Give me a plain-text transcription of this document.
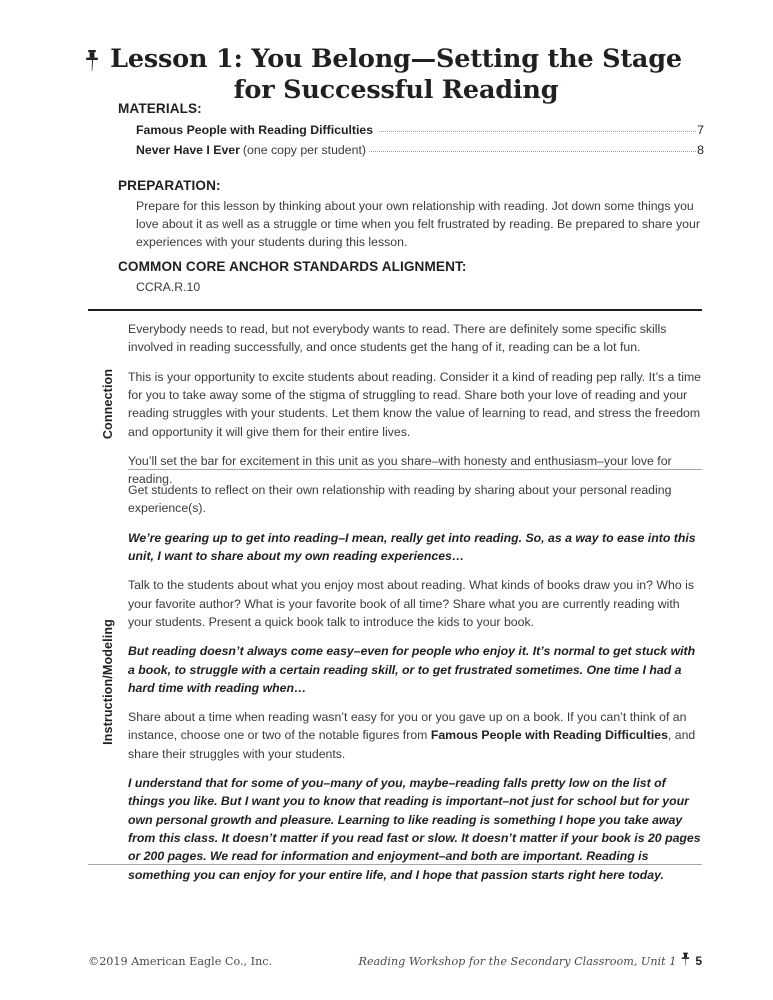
Lesson 1: You Belong—Setting the Stage for Successful Reading
MATERIALS:
Famous People with Reading Difficulties	7
Never Have I Ever (one copy per student)	8
PREPARATION:
Prepare for this lesson by thinking about your own relationship with reading. Jot down some things you love about it as well as a struggle or time when you felt frustrated by reading. Be prepared to share your experiences with your students during this lesson.
COMMON CORE ANCHOR STANDARDS ALIGNMENT:
CCRA.R.10
Connection

Everybody needs to read, but not everybody wants to read. There are definitely some specific skills involved in reading successfully, and once students get the hang of it, reading can be a lot fun.

This is your opportunity to excite students about reading. Consider it a kind of reading pep rally. It’s a time for you to take away some of the stigma of struggling to read. Share both your love of reading and your reading struggles with your students. Let them know the value of learning to read, and stress the freedom and opportunity it will give them for their entire lives.

You’ll set the bar for excitement in this unit as you share–with honesty and enthusiasm–your love for reading.

Instruction/Modeling

Get students to reflect on their own relationship with reading by sharing about your personal reading experience(s).

We’re gearing up to get into reading–I mean, really get into reading. So, as a way to ease into this unit, I want to share about my own reading experiences…

Talk to the students about what you enjoy most about reading. What kinds of books draw you in? Who is your favorite author? What is your favorite book of all time? Share what you are currently reading with your students. Present a quick book talk to introduce the kids to your book.

But reading doesn’t always come easy–even for people who enjoy it. It’s normal to get stuck with a book, to struggle with a certain reading skill, or to get frustrated sometimes. One time I had a hard time with reading when…

Share about a time when reading wasn’t easy for you or you gave up on a book. If you can’t think of an instance, choose one or two of the notable figures from Famous People with Reading Difficulties, and share their struggles with your students.

I understand that for some of you–many of you, maybe–reading falls pretty low on the list of things you like. But I want you to know that reading is important–not just for school but for your own personal growth and pleasure. Learning to like reading is something I hope you take away from this class. It doesn’t matter if you read fast or slow. It doesn’t matter if your book is 20 pages or 200 pages. We read for information and enjoyment–and both are important. Reading is something you can enjoy for your entire life, and I hope that passion starts right here today.

©2019 American Eagle Co., Inc.	Reading Workshop for the Secondary Classroom, Unit 1 5
